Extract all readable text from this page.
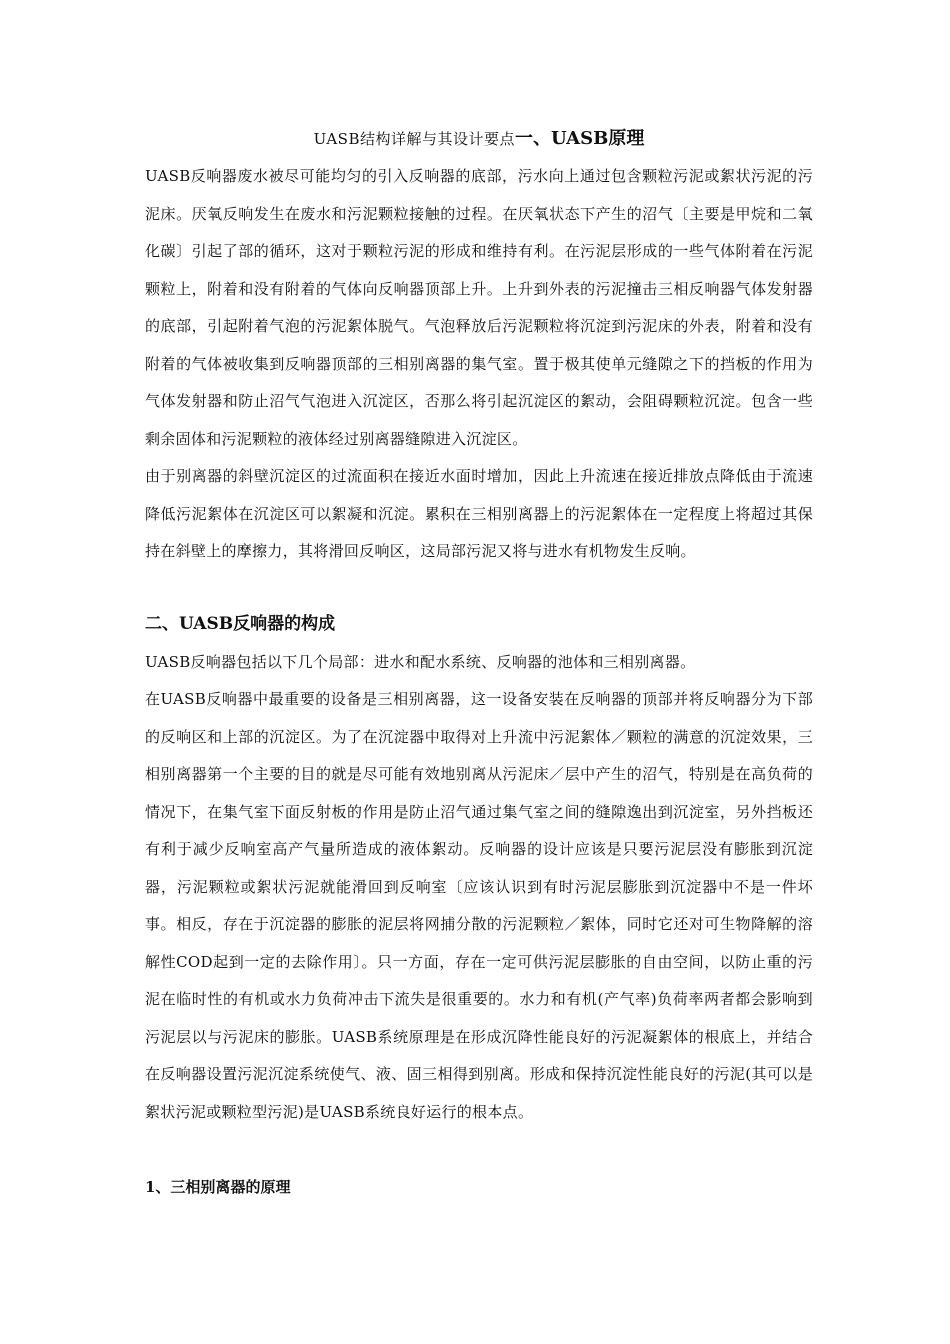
UASB结构详解与其设计要点一、UASB原理

UASB反响器废水被尽可能均匀的引入反响器的底部，污水向上通过包含颗粒污泥或絮状污泥的污泥床。厌氧反响发生在废水和污泥颗粒接触的过程。在厌氧状态下产生的沼气〔主要是甲烷和二氧化碳〕引起了部的循环，这对于颗粒污泥的形成和维持有利。在污泥层形成的一些气体附着在污泥颗粒上，附着和没有附着的气体向反响器顶部上升。上升到外表的污泥撞击三相反响器气体发射器的底部，引起附着气泡的污泥絮体脱气。气泡释放后污泥颗粒将沉淀到污泥床的外表，附着和没有附着的气体被收集到反响器顶部的三相别离器的集气室。置于极其使单元缝隙之下的挡板的作用为气体发射器和防止沼气气泡进入沉淀区，否那么将引起沉淀区的絮动，会阻碍颗粒沉淀。包含一些剩余固体和污泥颗粒的液体经过别离器缝隙进入沉淀区。

由于别离器的斜壁沉淀区的过流面积在接近水面时增加，因此上升流速在接近排放点降低由于流速降低污泥絮体在沉淀区可以絮凝和沉淀。累积在三相别离器上的污泥絮体在一定程度上将超过其保持在斜壁上的摩擦力，其将滑回反响区，这局部污泥又将与进水有机物发生反响。

二、UASB反响器的构成

UASB反响器包括以下几个局部：进水和配水系统、反响器的池体和三相别离器。

在UASB反响器中最重要的设备是三相别离器，这一设备安装在反响器的顶部并将反响器分为下部的反响区和上部的沉淀区。为了在沉淀器中取得对上升流中污泥絮体／颗粒的满意的沉淀效果，三相别离器第一个主要的目的就是尽可能有效地别离从污泥床／层中产生的沼气，特别是在高负荷的情况下，在集气室下面反射板的作用是防止沼气通过集气室之间的缝隙逸出到沉淀室，另外挡板还有利于减少反响室高产气量所造成的液体絮动。反响器的设计应该是只要污泥层没有膨胀到沉淀器，污泥颗粒或絮状污泥就能滑回到反响室〔应该认识到有时污泥层膨胀到沉淀器中不是一件坏事。相反，存在于沉淀器的膨胀的泥层将网捕分散的污泥颗粒／絮体，同时它还对可生物降解的溶解性COD起到一定的去除作用〕。只一方面，存在一定可供污泥层膨胀的自由空间，以防止重的污泥在临时性的有机或水力负荷冲击下流失是很重要的。水力和有机(产气率)负荷率两者都会影响到污泥层以与污泥床的膨胀。UASB系统原理是在形成沉降性能良好的污泥凝絮体的根底上，并结合在反响器设置污泥沉淀系统使气、液、固三相得到别离。形成和保持沉淀性能良好的污泥(其可以是絮状污泥或颗粒型污泥)是UASB系统良好运行的根本点。

1、三相别离器的原理
